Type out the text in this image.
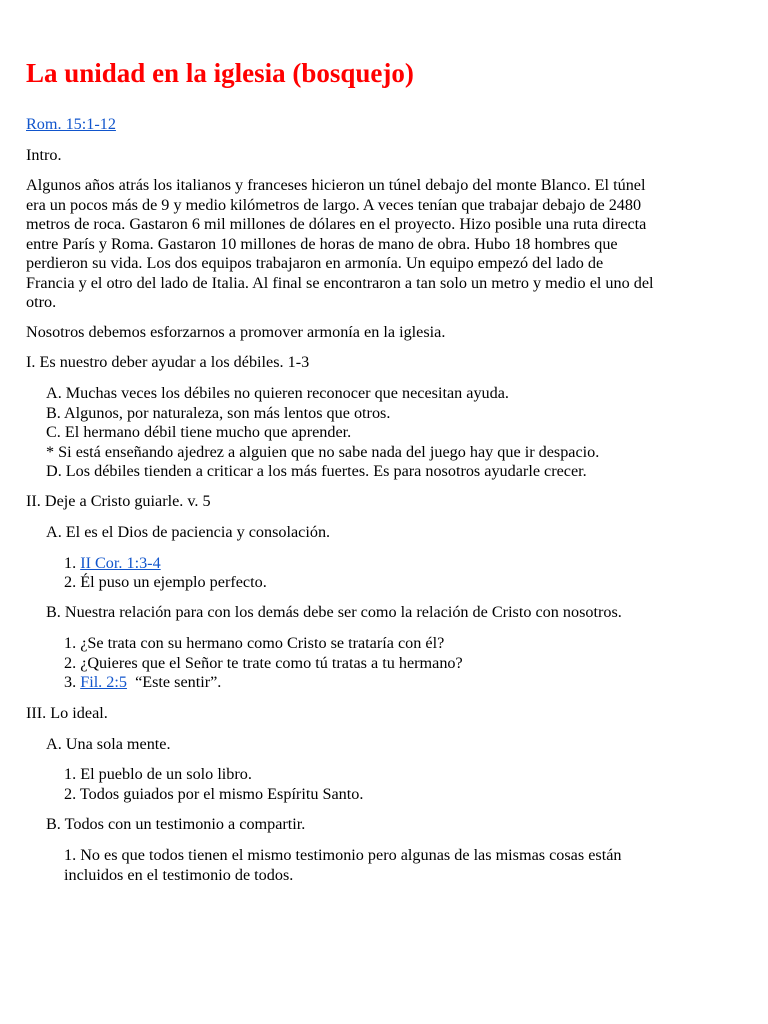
La unidad en la iglesia (bosquejo)
Rom. 15:1-12

Intro.

Algunos años atrás los italianos y franceses hicieron un túnel debajo del monte Blanco. El túnel
era un pocos más de 9 y medio kilómetros de largo. A veces tenían que trabajar debajo de 2480
metros de roca. Gastaron 6 mil millones de dólares en el proyecto. Hizo posible una ruta directa
entre París y Roma. Gastaron 10 millones de horas de mano de obra. Hubo 18 hombres que
perdieron su vida. Los dos equipos trabajaron en armonía. Un equipo empezó del lado de
Francia y el otro del lado de Italia. Al final se encontraron a tan solo un metro y medio el uno del
otro.

Nosotros debemos esforzarnos a promover armonía en la iglesia.

I. Es nuestro deber ayudar a los débiles. 1-3

A. Muchas veces los débiles no quieren reconocer que necesitan ayuda.
B. Algunos, por naturaleza, son más lentos que otros.
C. El hermano débil tiene mucho que aprender.
* Si está enseñando ajedrez a alguien que no sabe nada del juego hay que ir despacio.
D. Los débiles tienden a criticar a los más fuertes. Es para nosotros ayudarle crecer.

II. Deje a Cristo guiarle. v. 5

A. El es el Dios de paciencia y consolación.

1. II Cor. 1:3-4

2. Él puso un ejemplo perfecto.

B. Nuestra relación para con los demás debe ser como la relación de Cristo con nosotros.

1. ¿Se trata con su hermano como Cristo se trataría con él?

2. ¿Quieres que el Señor te trate como tú tratas a tu hermano?

3. Fil. 2:5  “Este sentir”.

III. Lo ideal.

A. Una sola mente.

1. El pueblo de un solo libro.

2. Todos guiados por el mismo Espíritu Santo.

B. Todos con un testimonio a compartir.

1. No es que todos tienen el mismo testimonio pero algunas de las mismas cosas están
incluidos en el testimonio de todos.
